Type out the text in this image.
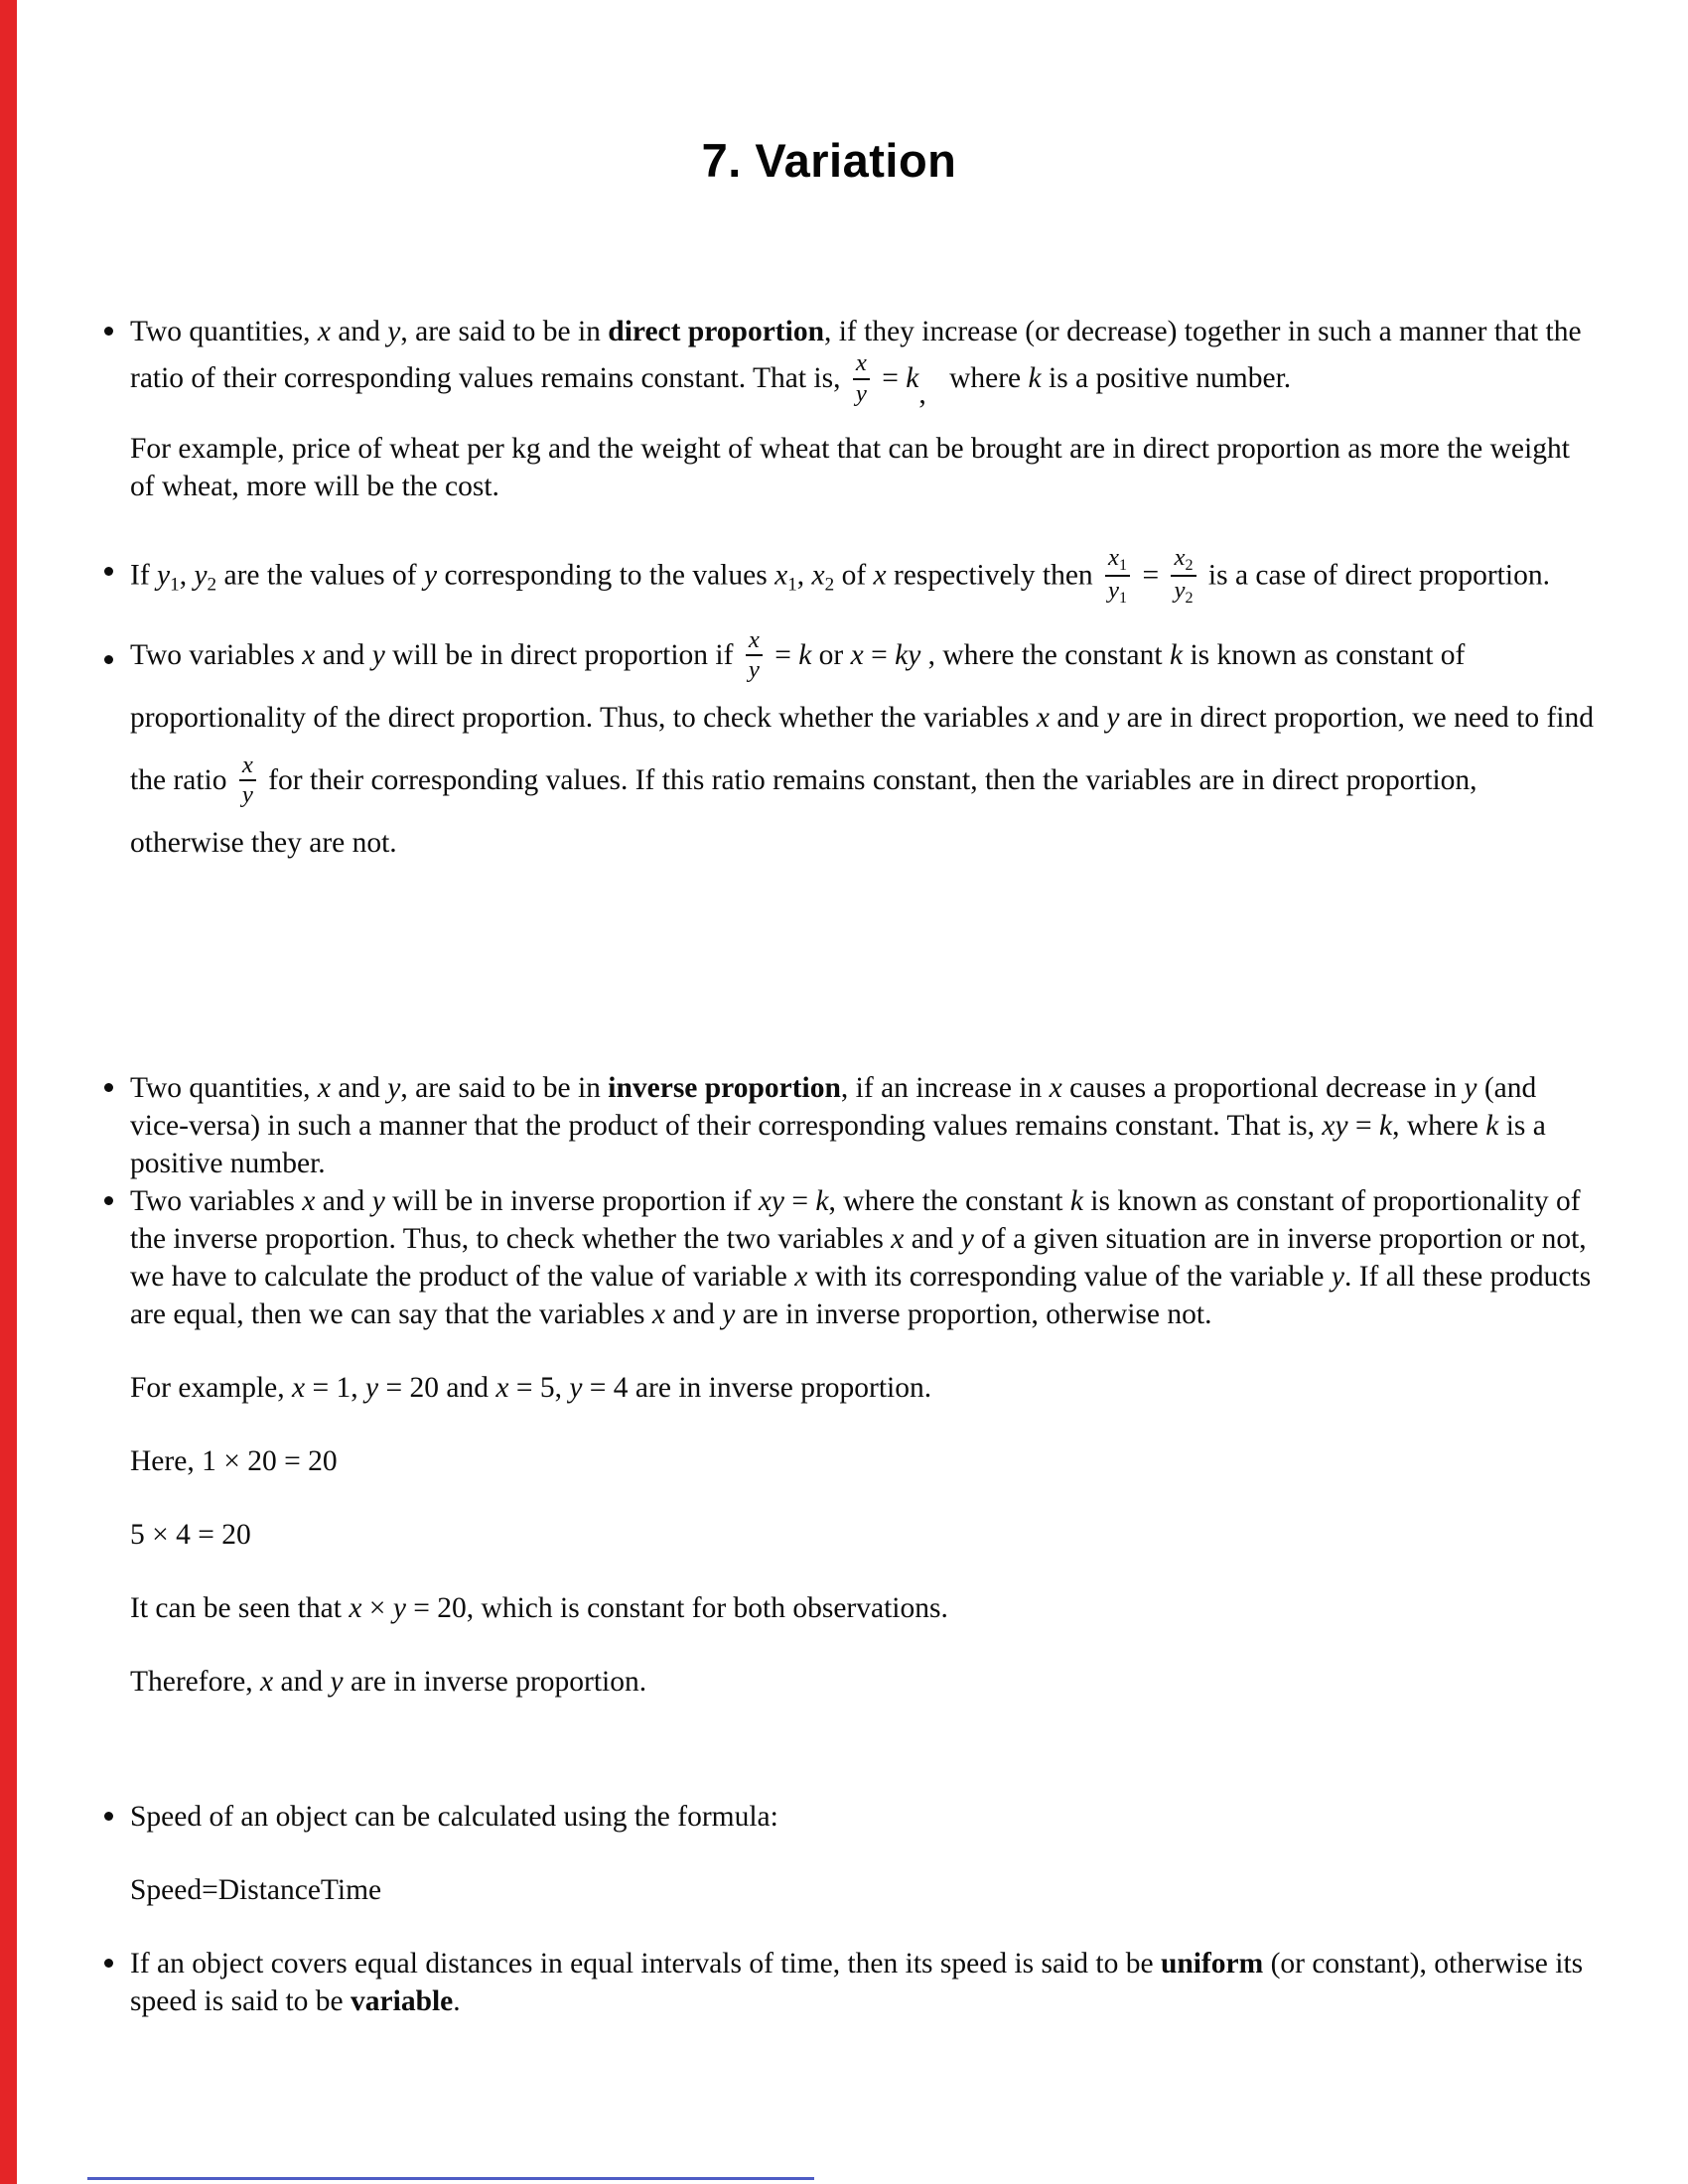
7. Variation
Two quantities, x and y, are said to be in direct proportion, if they increase (or decrease) together in such a manner that the ratio of their corresponding values remains constant. That is, $\frac{x}{y} = k$, where k is a positive number.
For example, price of wheat per kg and the weight of wheat that can be brought are in direct proportion as more the weight of wheat, more will be the cost.
If y1, y2 are the values of y corresponding to the values x1, x2 of x respectively then $\frac{x1}{y1} = \frac{x2}{y2}$ is a case of direct proportion.
Two variables x and y will be in direct proportion if $\frac{x}{y} = k$ or x = ky , where the constant k is known as constant of proportionality of the direct proportion. Thus, to check whether the variables x and y are in direct proportion, we need to find the ratio $\frac{x}{y}$ for their corresponding values. If this ratio remains constant, then the variables are in direct proportion, otherwise they are not.
Two quantities, x and y, are said to be in inverse proportion, if an increase in x causes a proportional decrease in y (and vice-versa) in such a manner that the product of their corresponding values remains constant. That is, xy = k, where k is a positive number.
Two variables x and y will be in inverse proportion if xy = k, where the constant k is known as constant of proportionality of the inverse proportion. Thus, to check whether the two variables x and y of a given situation are in inverse proportion or not, we have to calculate the product of the value of variable x with its corresponding value of the variable y. If all these products are equal, then we can say that the variables x and y are in inverse proportion, otherwise not.
For example, x = 1, y = 20 and x = 5, y = 4 are in inverse proportion.
Here, 1 × 20 = 20
5 × 4 = 20
It can be seen that x × y = 20, which is constant for both observations.
Therefore, x and y are in inverse proportion.
Speed of an object can be calculated using the formula:
Speed=DistanceTime
If an object covers equal distances in equal intervals of time, then its speed is said to be uniform (or constant), otherwise its speed is said to be variable.
